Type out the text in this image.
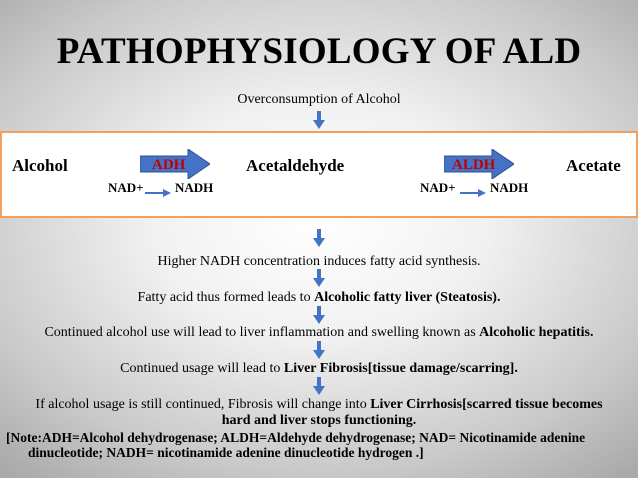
PATHOPHYSIOLOGY OF ALD
Overconsumption of Alcohol
Alcohol	Acetaldehyde	Acetate
ADH	ALDH
NAD+ NADH	NAD+	NADH
Higher NADH concentration induces fatty acid synthesis.
Fatty acid thus formed leads to Alcoholic fatty liver (Steatosis).
Continued alcohol use will lead to liver inflammation and swelling known as Alcoholic hepatitis.
Continued usage will lead to Liver Fibrosis[tissue damage/scarring].
If alcohol usage is still continued, Fibrosis will change into Liver Cirrhosis[scarred tissue becomes
hard and liver stops functioning.
[Note:ADH=Alcohol dehydrogenase; ALDH=Aldehyde dehydrogenase; NAD= Nicotinamide adenine
dinucleotide; NADH= nicotinamide adenine dinucleotide hydrogen .]
